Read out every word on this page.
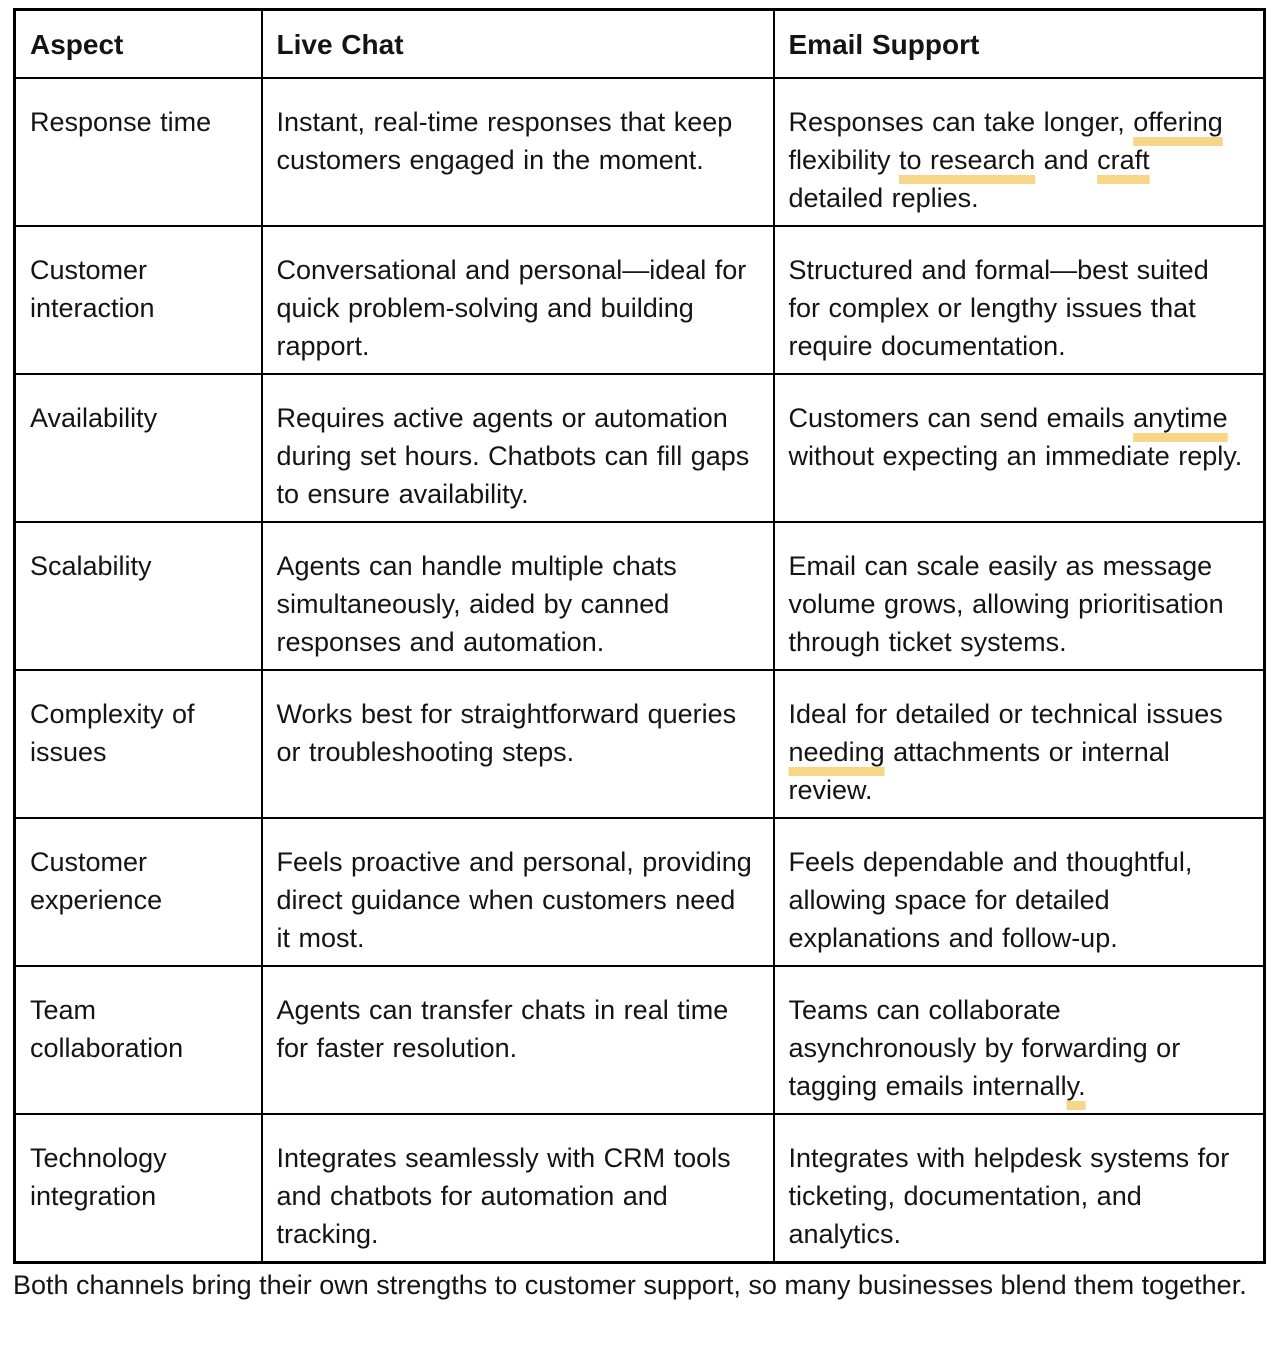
Aspect	Live Chat	Email Support
Response time	Instant, real-time responses that keep customers engaged in the moment.	Responses can take longer, offering flexibility to research and craft detailed replies.
Customer interaction	Conversational and personal—ideal for quick problem-solving and building rapport.	Structured and formal—best suited for complex or lengthy issues that require documentation.
Availability	Requires active agents or automation during set hours. Chatbots can fill gaps to ensure availability.	Customers can send emails anytime without expecting an immediate reply.
Scalability	Agents can handle multiple chats simultaneously, aided by canned responses and automation.	Email can scale easily as message volume grows, allowing prioritisation through ticket systems.
Complexity of issues	Works best for straightforward queries or troubleshooting steps.	Ideal for detailed or technical issues needing attachments or internal review.
Customer experience	Feels proactive and personal, providing direct guidance when customers need it most.	Feels dependable and thoughtful, allowing space for detailed explanations and follow-up.
Team collaboration	Agents can transfer chats in real time for faster resolution.	Teams can collaborate asynchronously by forwarding or tagging emails internally.
Technology integration	Integrates seamlessly with CRM tools and chatbots for automation and tracking.	Integrates with helpdesk systems for ticketing, documentation, and analytics.
Both channels bring their own strengths to customer support, so many businesses blend them together.
